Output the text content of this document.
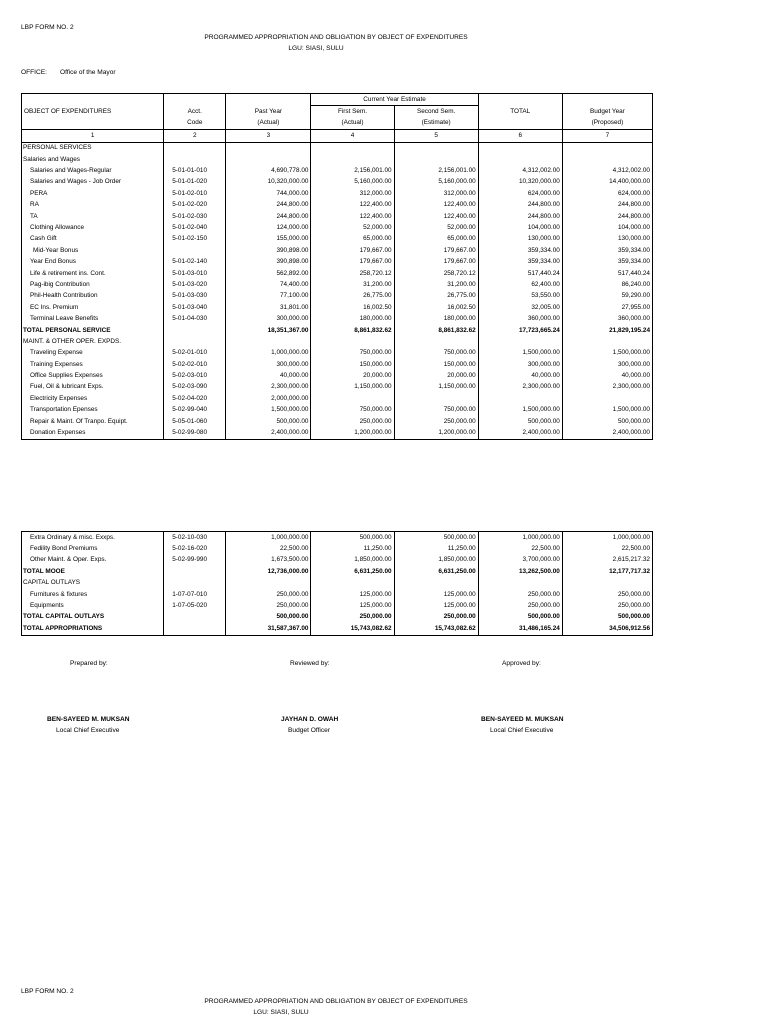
LBP FORM NO. 2
PROGRAMMED APPROPRIATION AND OBLIGATION BY OBJECT OF EXPENDITURES
LGU: SIASI, SULU
OFFICE: Office of the Mayor
			Current Year Estimate			
OBJECT OF EXPENDITURES	Acct.	Past Year	First Sem.	Second Sem.	TOTAL	Budget Year
	Code	(Actual)	(Actual)	(Estimate)		(Proposed)
1	2	3	4	5	6	7
PERSONAL SERVICES						
Salaries and Wages						
Salaries and Wages-Regular	5-01-01-010	4,690,778.00	2,156,001.00	2,156,001.00	4,312,002.00	4,312,002.00
Salaries and Wages - Job Order	5-01-01-020	10,320,000.00	5,160,000.00	5,160,000.00	10,320,000.00	14,400,000.00
PERA	5-01-02-010	744,000.00	312,000.00	312,000.00	624,000.00	624,000.00
RA	5-01-02-020	244,800.00	122,400.00	122,400.00	244,800.00	244,800.00
TA	5-01-02-030	244,800.00	122,400.00	122,400.00	244,800.00	244,800.00
Clothing Allowance	5-01-02-040	124,000.00	52,000.00	52,000.00	104,000.00	104,000.00
Cash Gift	5-01-02-150	155,000.00	65,000.00	65,000.00	130,000.00	130,000.00
Mid-Year Bonus		390,898.00	179,667.00	179,667.00	359,334.00	359,334.00
Year End Bonus	5-01-02-140	390,898.00	179,667.00	179,667.00	359,334.00	359,334.00
Life & retirement ins. Cont.	5-01-03-010	562,892.00	258,720.12	258,720.12	517,440.24	517,440.24
Pag-ibig Contribution	5-01-03-020	74,400.00	31,200.00	31,200.00	62,400.00	86,240.00
Phil-Health Contribution	5-01-03-030	77,100.00	26,775.00	26,775.00	53,550.00	59,290.00
EC Ins. Premium	5-01-03-040	31,801.00	16,002.50	16,002.50	32,005.00	27,955.00
Terminal Leave Benefits	5-01-04-030	300,000.00	180,000.00	180,000.00	360,000.00	360,000.00
TOTAL PERSONAL SERVICE		18,351,367.00	8,861,832.62	8,861,832.62	17,723,665.24	21,829,195.24
MAINT. & OTHER OPER. EXPDS.						
Traveling Expense	5-02-01-010	1,000,000.00	750,000.00	750,000.00	1,500,000.00	1,500,000.00
Training Expenses	5-02-02-010	300,000.00	150,000.00	150,000.00	300,000.00	300,000.00
Office Supplies Expenses	5-02-03-010	40,000.00	20,000.00	20,000.00	40,000.00	40,000.00
Fuel, Oil & lubricant Exps.	5-02-03-090	2,300,000.00	1,150,000.00	1,150,000.00	2,300,000.00	2,300,000.00
Electricity Expenses	5-02-04-020	2,000,000.00				
Transportation Epenses	5-02-99-040	1,500,000.00	750,000.00	750,000.00	1,500,000.00	1,500,000.00
Repair & Maint. Of Tranpo. Equipt.	5-05-01-060	500,000.00	250,000.00	250,000.00	500,000.00	500,000.00
Donation Expenses	5-02-99-080	2,400,000.00	1,200,000.00	1,200,000.00	2,400,000.00	2,400,000.00
Extra Ordinary & misc. Exxps.	5-02-10-030	1,000,000.00	500,000.00	500,000.00	1,000,000.00	1,000,000.00
Fedility Bond Premiums	5-02-16-020	22,500.00	11,250.00	11,250.00	22,500.00	22,500.00
Other Maint. & Oper. Exps.	5-02-99-990	1,673,500.00	1,850,000.00	1,850,000.00	3,700,000.00	2,615,217.32
TOTAL MOOE		12,736,000.00	6,631,250.00	6,631,250.00	13,262,500.00	12,177,717.32
CAPITAL OUTLAYS						
Furnitures & fixtures	1-07-07-010	250,000.00	125,000.00	125,000.00	250,000.00	250,000.00
Equipments	1-07-05-020	250,000.00	125,000.00	125,000.00	250,000.00	250,000.00
TOTAL CAPITAL OUTLAYS		500,000.00	250,000.00	250,000.00	500,000.00	500,000.00
TOTAL APPROPRIATIONS		31,587,367.00	15,743,082.62	15,743,082.62	31,486,165.24	34,506,912.56
Prepared by:	Reviewed by:	Approved by:
BEN-SAYEED M. MUKSAN
Local Chief Executive
JAYHAN D. OWAH
Budget Officer
BEN-SAYEED M. MUKSAN
Local Chief Executive
LBP FORM NO. 2
PROGRAMMED APPROPRIATION AND OBLIGATION BY OBJECT OF EXPENDITURES
LGU: SIASI, SULU
